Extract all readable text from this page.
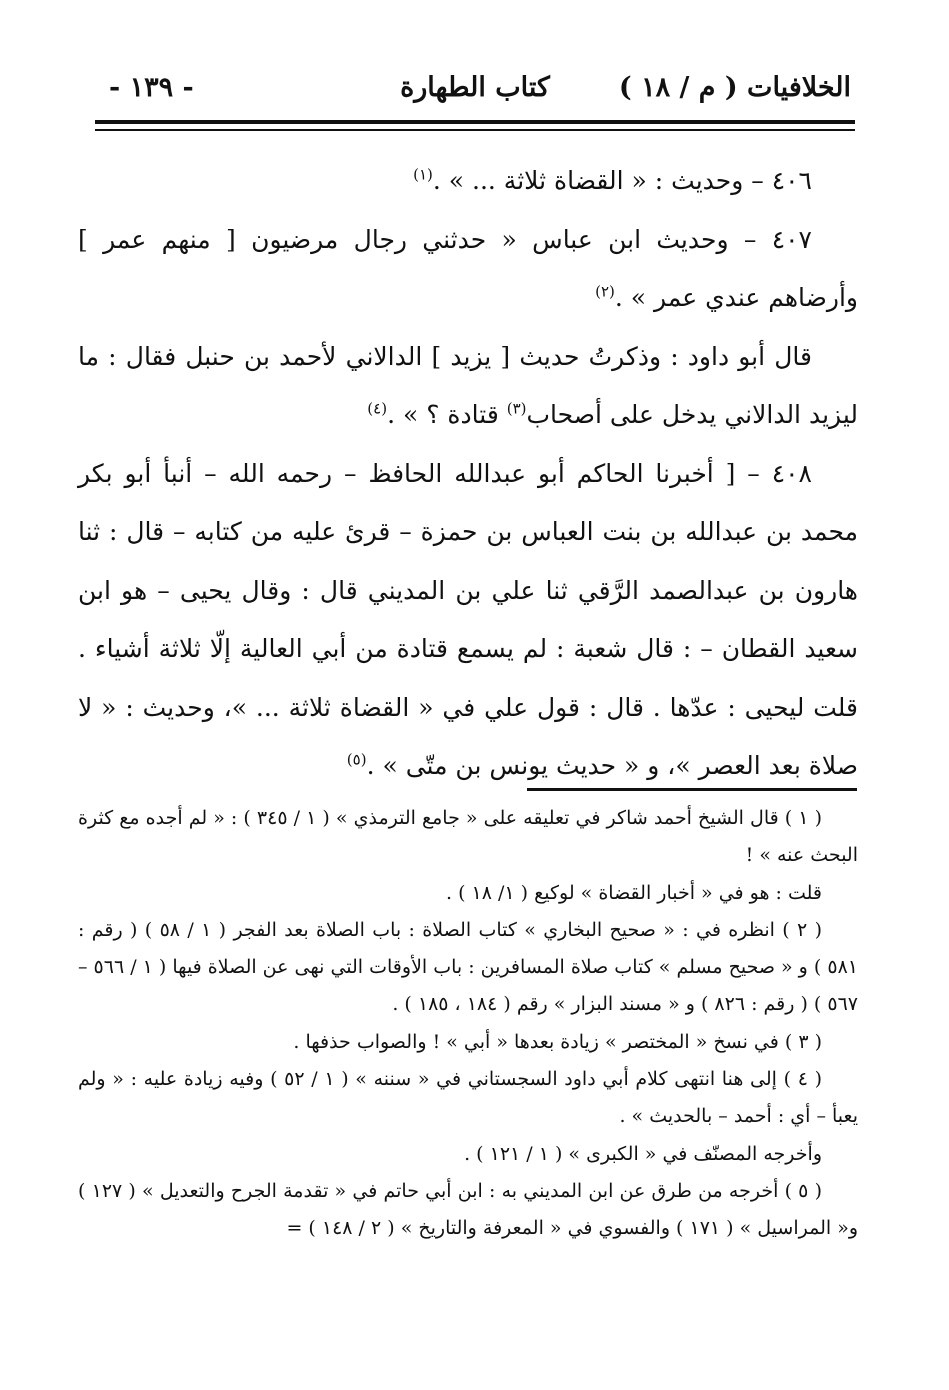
الخلافيات ( م / ١٨ )
كتاب الطهارة
- ١٣٩ -

٤٠٦ – وحديث : « القضاة ثلاثة ... » .$^{(١)}$

٤٠٧ – وحديث ابن عباس « حدثني رجال مرضيون [ منهم عمر ] وأرضاهم عندي عمر » .$^{(٢)}$

قال أبو داود : وذكرتُ حديث [ يزيد ] الدالاني لأحمد بن حنبل فقال : ما ليزيد الدالاني يدخل على أصحاب$^{(٣)}$ قتادة ؟ » .$^{(٤)}$

٤٠٨ – [ أخبرنا الحاكم أبو عبدالله الحافظ – رحمه الله – أنبأ أبو بكر محمد بن عبدالله بن بنت العباس بن حمزة – قرئ عليه من كتابه – قال : ثنا هارون بن عبدالصمد الرَّقي ثنا علي بن المديني قال : وقال يحيى – هو ابن سعيد القطان – : قال شعبة : لم يسمع قتادة من أبي العالية إلّا ثلاثة أشياء . قلت ليحيى : عدّها . قال : قول علي في « القضاة ثلاثة ... »، وحديث : « لا صلاة بعد العصر »، و « حديث يونس بن متّى » .$^{(٥)}$

( ١ ) قال الشيخ أحمد شاكر في تعليقه على « جامع الترمذي » ( ١ / ٣٤٥ ) : « لم أجده مع كثرة البحث عنه » !

قلت : هو في « أخبار القضاة » لوكيع ( ١/ ١٨ ) .

( ٢ ) انظره في : « صحيح البخاري » كتاب الصلاة : باب الصلاة بعد الفجر ( ١ / ٥٨ ) ( رقم : ٥٨١ ) و « صحيح مسلم » كتاب صلاة المسافرين : باب الأوقات التي نهى عن الصلاة فيها ( ١ / ٥٦٦ – ٥٦٧ ) ( رقم : ٨٢٦ ) و « مسند البزار » رقم ( ١٨٤ ، ١٨٥ ) .

( ٣ ) في نسخ « المختصر » زيادة بعدها « أبي » ! والصواب حذفها .

( ٤ ) إلى هنا انتهى كلام أبي داود السجستاني في « سننه » ( ١ / ٥٢ ) وفيه زيادة عليه : « ولم يعبأ – أي : أحمد – بالحديث » .

وأخرجه المصنّف في « الكبرى » ( ١ / ١٢١ ) .

( ٥ ) أخرجه من طرق عن ابن المديني به : ابن أبي حاتم في « تقدمة الجرح والتعديل » ( ١٢٧ ) و« المراسيل » ( ١٧١ ) والفسوي في « المعرفة والتاريخ » ( ٢ / ١٤٨ ) =
